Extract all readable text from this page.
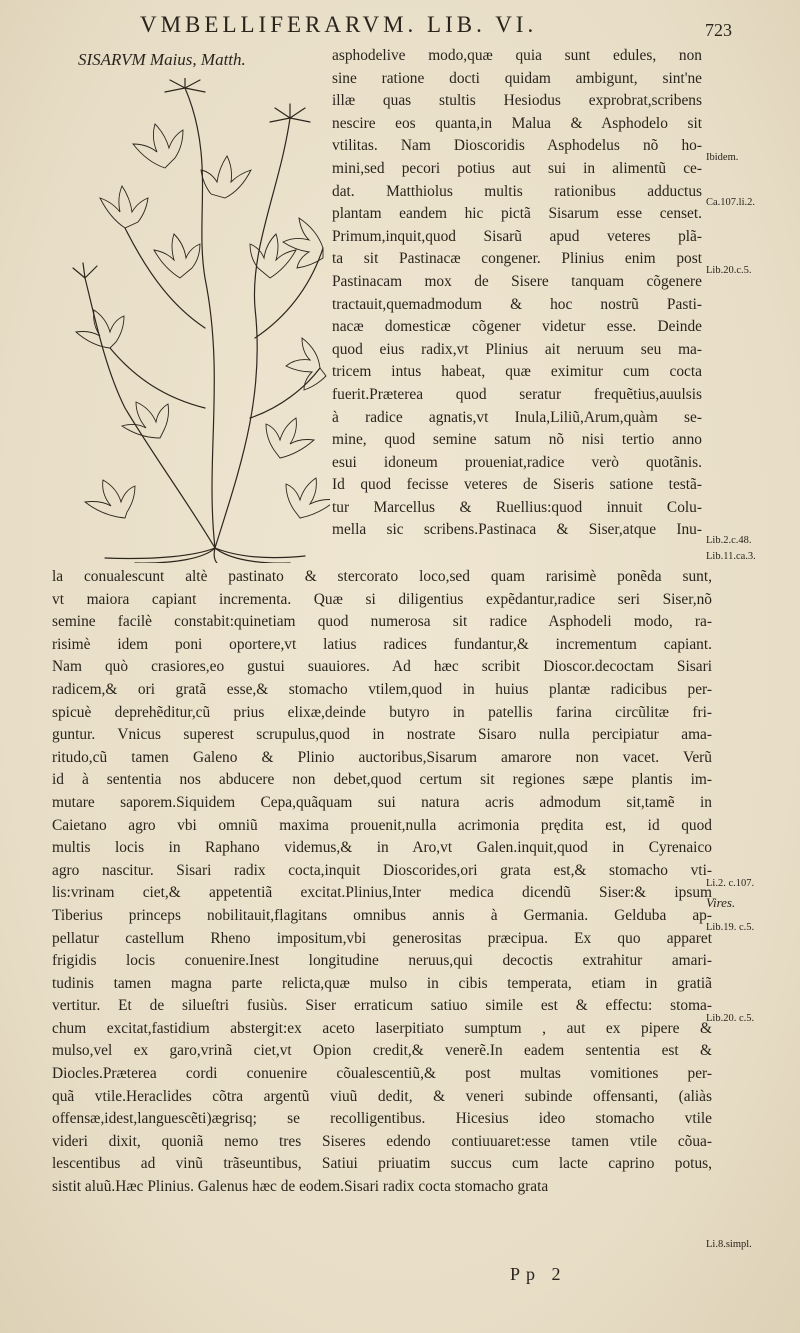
VMBELLIFERARVM. LIB. VI.	723
SISARVM Maius, Matth.	asphodelive modo,quæ quia sunt edules, non
sine ratione docti quidam ambigunt, sint'ne
illæ quas stultis Hesiodus exprobrat,scribens
nescire eos quanta,in Malua & Asphodelo sit
vtilitas. Nam Dioscoridis Asphodelus nõ ho-
mini,sed pecori potius aut sui in alimentũ ce-
dat. Matthiolus multis rationibus adductus
plantam eandem hic pictã Sisarum esse censet.
Primum,inquit,quod Sisarũ apud veteres plã-
ta sit Pastinacæ congener. Plinius enim post
Pastinacam mox de Sisere tanquam cõgenere
tractauit,quemadmodum & hoc nostrũ Pasti-
nacæ domesticæ cõgener videtur esse. Deinde
quod eius radix,vt Plinius ait neruum seu ma-
tricem intus habeat, quæ eximitur cum cocta
fuerit.Præterea quod seratur frequẽtius,auulsis
à radice agnatis,vt Inula,Liliũ,Arum,quàm se-
mine, quod semine satum nõ nisi tertio anno
esui idoneum proueniat,radice verò quotãnis.
Id quod fecisse veteres de Siseris satione testã-
tur Marcellus & Ruellius:quod innuit Colu-
mella sic scribens.Pastinaca & Siser,atque Inu-
la conualescunt altè pastinato & stercorato loco,sed quam rarisimè ponẽda sunt,
vt maiora capiant incrementa. Quæ si diligentius expẽdantur,radice seri Siser,nõ
semine facilè constabit:quinetiam quod numerosa sit radice Asphodeli modo, ra-
risimè idem poni oportere,vt latius radices fundantur,& incrementum capiant.
Nam quò crasiores,eo gustui suauiores. Ad hæc scribit Dioscor.decoctam Sisari
radicem,& ori gratã esse,& stomacho vtilem,quod in huius plantæ radicibus per-
spicuè deprehẽditur,cũ prius elixæ,deinde butyro in patellis farina circũlitæ fri-
guntur. Vnicus superest scrupulus,quod in nostrate Sisaro nulla percipiatur ama-
ritudo,cũ tamen Galeno & Plinio auctoribus,Sisarum amarore non vacet. Verũ
id à sententia nos abducere non debet,quod certum sit regiones sæpe plantis im-
mutare saporem.Siquidem Cepa,quãquam sui natura acris admodum sit,tamẽ in
Caietano agro vbi omniũ maxima prouenit,nulla acrimonia prędita est, id quod
multis locis in Raphano videmus,& in Aro,vt Galen.inquit,quod in Cyrenaico
agro nascitur. Sisari radix cocta,inquit Dioscorides,ori grata est,& stomacho vti-
lis:vrinam ciet,& appetentiã excitat.Plinius,Inter medica dicendũ Siser:& ipsum
Tiberius princeps nobilitauit,flagitans omnibus annis à Germania. Gelduba ap-
pellatur castellum Rheno impositum,vbi generositas præcipua. Ex quo apparet
frigidis locis conuenire.Inest longitudine neruus,qui decoctis extrahitur amari-
tudinis tamen magna parte relicta,quæ mulso in cibis temperata, etiam in gratiã
vertitur. Et de silueſtri fusiùs. Siser erraticum satiuo simile est & effectu: stoma-
chum excitat,fastidium abstergit:ex aceto laserpitiato sumptum , aut ex pipere &
mulso,vel ex garo,vrinã ciet,vt Opion credit,& venerẽ.In eadem sententia est &
Diocles.Præterea cordi conuenire cõualescentiũ,& post multas vomitiones per-
quã vtile.Heraclides cõtra argentũ viuũ dedit, & veneri subinde offensanti, (aliàs
offensæ,idest,languescẽti)ægrisq; se recolligentibus. Hicesius ideo stomacho vtile
videri dixit, quoniã nemo tres Siseres edendo contiuuaret:esse tamen vtile cõua-
lescentibus ad vinũ trãseuntibus, Satiui priuatim succus cum lacte caprino potus,
sistit aluũ.Hæc Plinius. Galenus hæc de eodem.Sisari radix cocta stomacho grata
Ibidem.
Ca.107.li.2.
Lib.20.c.5.
Lib.2.c.48.
Lib.11.ca.3.
Li.2. c.107.
Vires.
Lib.19. c.5.
Lib.20. c.5.
Li.8.simpl.
Pp 2
